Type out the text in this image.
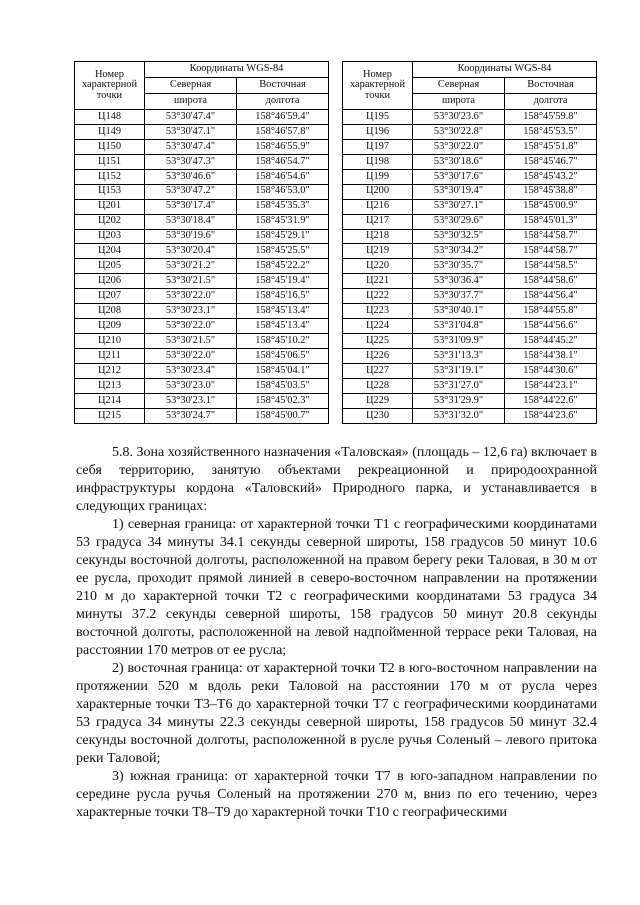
Номер
характерной
точки	Координаты WGS-84	
	Северная	Восточная
	широта	долгота
Ц148	53°30'47.4"	158°46'59.4"
Ц149	53°30'47.1"	158°46'57.8"
Ц150	53°30'47.4"	158°46'55.9"
Ц151	53°30'47.3"	158°46'54.7"
Ц152	53°30'46.6"	158°46'54.6"
Ц153	53°30'47.2"	158°46'53.0"
Ц201	53°30'17.4"	158°45'35.3"
Ц202	53°30'18.4"	158°45'31.9"
Ц203	53°30'19.6"	158°45'29.1"
Ц204	53°30'20.4"	158°45'25.5"
Ц205	53°30'21.2"	158°45'22.2"
Ц206	53°30'21.5"	158°45'19.4"
Ц207	53°30'22.0"	158°45'16.5"
Ц208	53°30'23.1"	158°45'13.4"
Ц209	53°30'22.0"	158°45'13.4"
Ц210	53°30'21.5"	158°45'10.2"
Ц211	53°30'22.0"	158°45'06.5"
Ц212	53°30'23.4"	158°45'04.1"
Ц213	53°30'23.0"	158°45'03.5"
Ц214	53°30'23.1"	158°45'02.3"
Ц215	53°30'24.7"	158°45'00.7"
Номер
характерной
точки	Координаты WGS-84	
	Северная	Восточная
	широта	долгота
Ц195	53°30'23.6"	158°45'59.8"
Ц196	53°30'22.8"	158°45'53.5"
Ц197	53°30'22.0"	158°45'51.8"
Ц198	53°30'18.6"	158°45'46.7"
Ц199	53°30'17.6"	158°45'43.2"
Ц200	53°30'19.4"	158°45'38.8"
Ц216	53°30'27.1"	158°45'00.9"
Ц217	53°30'29.6"	158°45'01.3"
Ц218	53°30'32.5"	158°44'58.7"
Ц219	53°30'34.2"	158°44'58.7"
Ц220	53°30'35.7"	158°44'58.5"
Ц221	53°30'36.4"	158°44'58.6"
Ц222	53°30'37.7"	158°44'56.4"
Ц223	53°30'40.1"	158°44'55.8"
Ц224	53°31'04.8"	158°44'56.6"
Ц225	53°31'09.9"	158°44'45.2"
Ц226	53°31'13.3"	158°44'38.1"
Ц227	53°31'19.1"	158°44'30.6"
Ц228	53°31'27.0"	158°44'23.1"
Ц229	53°31'29.9"	158°44'22.6"
Ц230	53°31'32.0"	158°44'23.6"

5.8. Зона хозяйственного назначения «Таловская» (площадь – 12,6 га) включает в себя территорию, занятую объектами рекреационной и природоохранной инфраструктуры кордона «Таловский» Природного парка, и устанавливается в следующих границах:

1) северная граница: от характерной точки Т1 с географическими координатами 53 градуса 34 минуты 34.1 секунды северной широты, 158 градусов 50 минут 10.6 секунды восточной долготы, расположенной на правом берегу реки Таловая, в 30 м от ее русла, проходит прямой линией в северо-восточном направлении на протяжении 210 м до характерной точки Т2 с географическими координатами 53 градуса 34 минуты 37.2 секунды северной широты, 158 градусов 50 минут 20.8 секунды восточной долготы, расположенной на левой надпойменной террасе реки Таловая, на расстоянии 170 метров от ее русла;

2) восточная граница: от характерной точки Т2 в юго-восточном направлении на протяжении 520 м вдоль реки Таловой на расстоянии 170 м от русла через характерные точки Т3–Т6 до характерной точки Т7 с географическими координатами 53 градуса 34 минуты 22.3 секунды северной широты, 158 градусов 50 минут 32.4 секунды восточной долготы, расположенной в русле ручья Соленый – левого притока реки Таловой;

3) южная граница: от характерной точки Т7 в юго-западном направлении по середине русла ручья Соленый на протяжении 270 м, вниз по его течению, через характерные точки Т8–Т9 до характерной точки Т10 с географическими
